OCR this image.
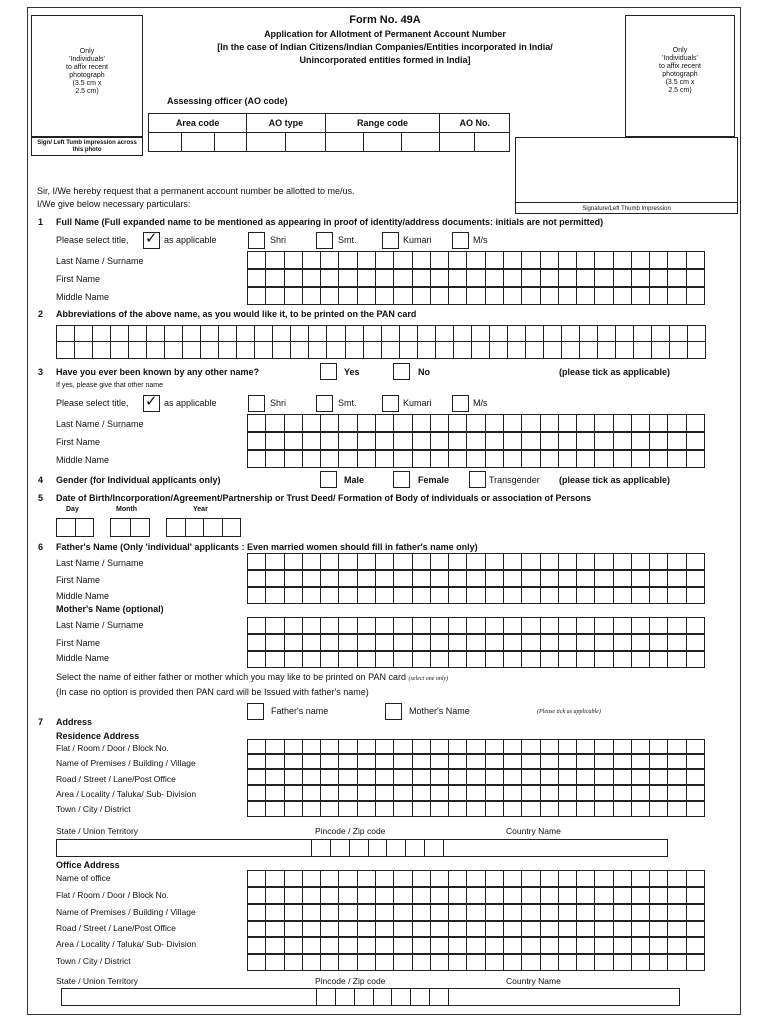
Form No. 49A
Application for Allotment of Permanent Account Number
[In the case of Indian Citizens/Indian Companies/Entities incorporated in India/
Unincorporated entities formed in India]
Only
'Individuals'
to affix recent
photograph
(3.5 cm x
2.5 cm)
Sign/ Left Tumb impression across this photo
Only
'Individuals'
to affix recent
photograph
(3.5 cm x
2.5 cm)
Signature/Left Thumb Impression
Assessing officer (AO code)
Area code			AO type		Range code			AO No.	

Sir, I/We hereby request that a permanent account number be allotted to me/us.
I/We give below necessary particulars:
1 Full Name (Full expanded name to be mentioned as appearing in proof of identity/address documents: initials are not permitted)
Please select title, ✓ as applicable	Shri	Smt.	Kumari	M/s
Last Name / Surname
First Name
Middle Name
2 Abbreviations of the above name, as you would like it, to be printed on the PAN card
3 Have you ever been known by any other name?	Yes	No	(please tick as applicable)
If yes, please give that other name
Please select title, ✓ as applicable	Shri	Smt.	Kumari	M/s
Last Name / Surname
First Name
Middle Name
4 Gender (for Individual applicants only)	Male	Female	Transgender (please tick as applicable)
5 Date of Birth/Incorporation/Agreement/Partnership or Trust Deed/ Formation of Body of individuals or association of Persons
Day	Month	Year
6 Father's Name (Only 'individual' applicants : Even married women should fill in father's name only)
Last Name / Surname
First Name
Middle Name
Mother's Name (optional)
Last Name / Surname
First Name
Middle Name
Select the name of either father or mother which you may like to be printed on PAN card (select one only)
(In case no option is provided then PAN card will be Issued with father's name)
Father's name	Mother's Name	(Please tick as applicable)
7 Address
Residence Address
Flat / Room / Door / Block No.
Name of Premises / Building / Village
Road / Street / Lane/Post Office
Area / Locality / Taluka/ Sub- Division
Town / City / District
State / Union Territory	Pincode / Zip code	Country Name
Office Address
Name of office
Flat / Room / Door / Block No.
Name of Premises / Building / Village
Road / Street / Lane/Post Office
Area / Locality / Taluka/ Sub- Division
Town / City / District
State / Union Territory	Pincode / Zip code	Country Name
